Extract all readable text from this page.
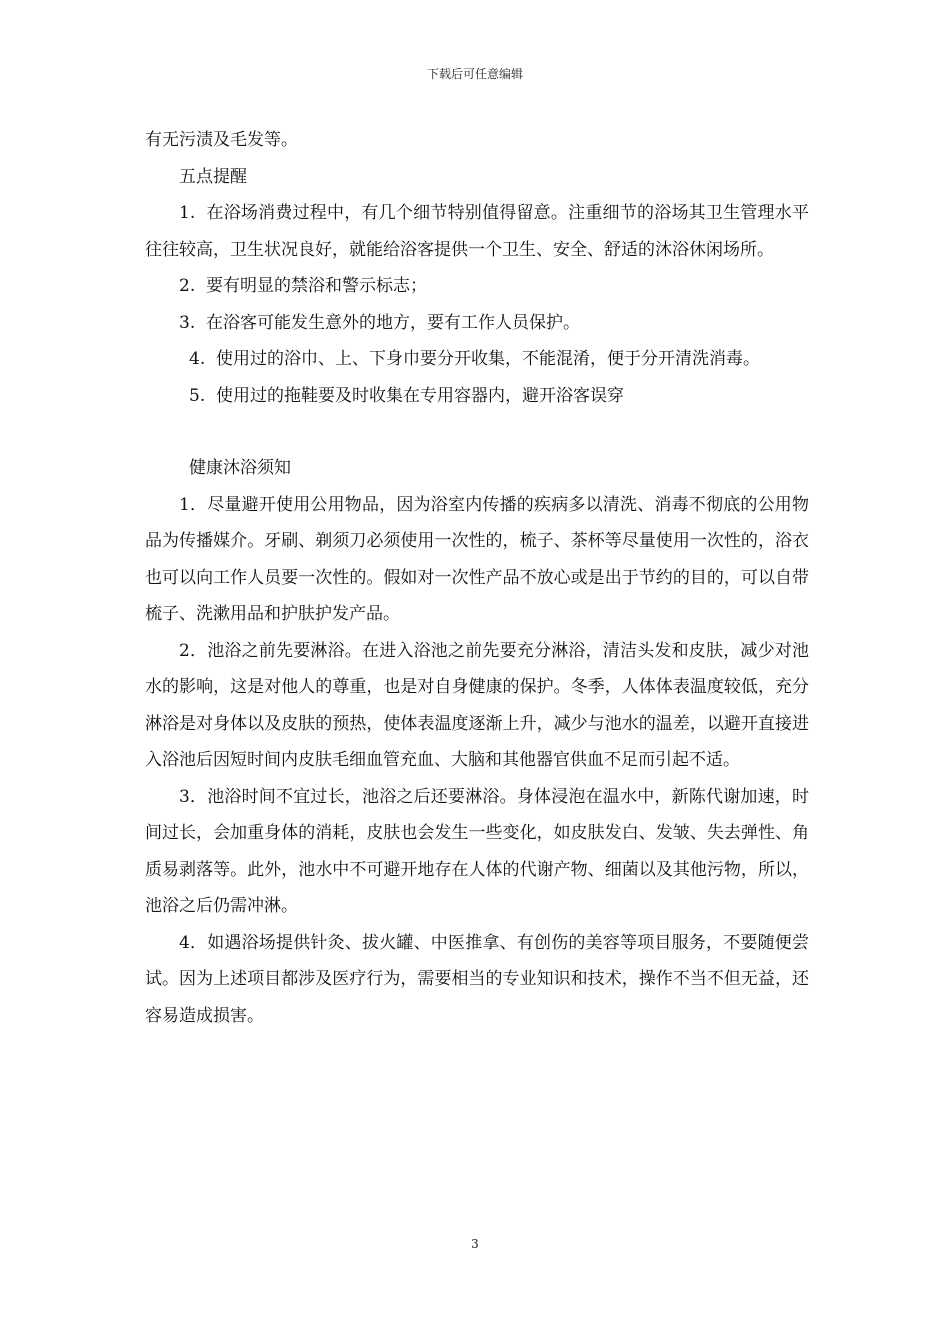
下载后可任意编辑

有无污渍及毛发等。

五点提醒

1.  在浴场消费过程中，有几个细节特别值得留意。注重细节的浴场其卫生管理水平往往较高，卫生状况良好，就能给浴客提供一个卫生、安全、舒适的沐浴休闲场所。

2.  要有明显的禁浴和警示标志；

3.  在浴客可能发生意外的地方，要有工作人员保护。

4.  使用过的浴巾、上、下身巾要分开收集，不能混淆，便于分开清洗消毒。

5.  使用过的拖鞋要及时收集在专用容器内，避开浴客误穿

健康沐浴须知

1．尽量避开使用公用物品，因为浴室内传播的疾病多以清洗、消毒不彻底的公用物品为传播媒介。牙刷、剃须刀必须使用一次性的，梳子、茶杯等尽量使用一次性的，浴衣也可以向工作人员要一次性的。假如对一次性产品不放心或是出于节约的目的，可以自带梳子、洗漱用品和护肤护发产品。

2．池浴之前先要淋浴。在进入浴池之前先要充分淋浴，清洁头发和皮肤，减少对池水的影响，这是对他人的尊重，也是对自身健康的保护。冬季，人体体表温度较低，充分淋浴是对身体以及皮肤的预热，使体表温度逐渐上升，减少与池水的温差，以避开直接进入浴池后因短时间内皮肤毛细血管充血、大脑和其他器官供血不足而引起不适。

3．池浴时间不宜过长，池浴之后还要淋浴。身体浸泡在温水中，新陈代谢加速，时间过长，会加重身体的消耗，皮肤也会发生一些变化，如皮肤发白、发皱、失去弹性、角质易剥落等。此外，池水中不可避开地存在人体的代谢产物、细菌以及其他污物，所以，池浴之后仍需冲淋。

4．如遇浴场提供针灸、拔火罐、中医推拿、有创伤的美容等项目服务，不要随便尝试。因为上述项目都涉及医疗行为，需要相当的专业知识和技术，操作不当不但无益，还容易造成损害。

3
